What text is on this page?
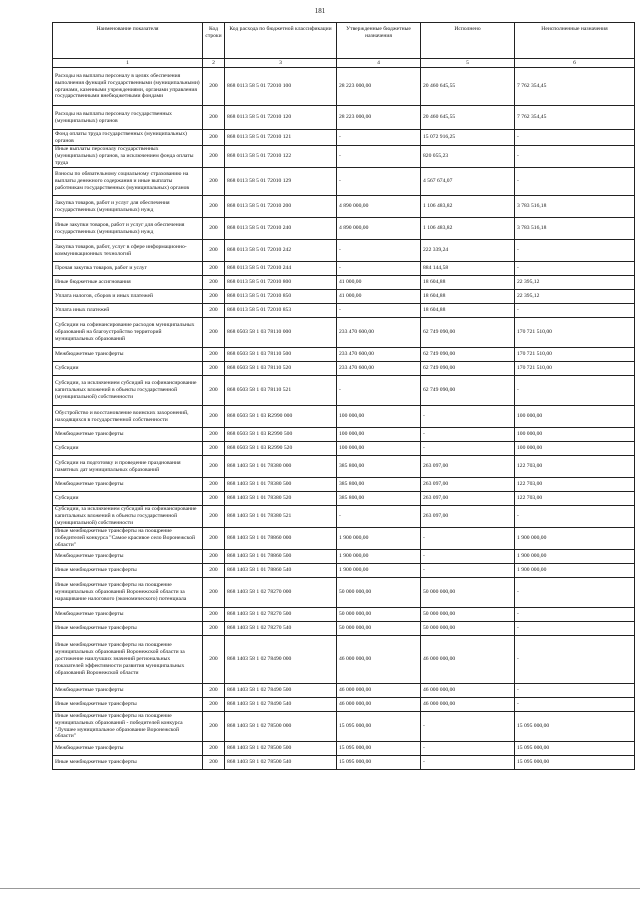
181
Наименование показателя	Код строки	Код расхода по бюджетной классификации	Утвержденные бюджетные назначения	Исполнено	Неисполненные назначения
1	2	3	4	5	6
Расходы на выплаты персоналу в целях обеспечения выполнения функций государственными (муниципальными) органами, казенными учреждениями, органами управления государственными внебюджетными фондами	200	868 0113 58 5 01 72010 100	28 223 000,00	20 460 645,55	7 762 354,45
Расходы на выплаты персоналу государственных (муниципальных) органов	200	868 0113 58 5 01 72010 120	28 223 000,00	20 460 645,55	7 762 354,45
Фонд оплаты труда государственных (муниципальных) органов	200	868 0113 58 5 01 72010 121	-	15 072 916,25	-
Иные выплаты персоналу государственных (муниципальных) органов, за исключением фонда оплаты труда	200	868 0113 58 5 01 72010 122	-	820 055,23	-
Взносы по обязательному социальному страхованию на выплаты денежного содержания и иные выплаты работникам государственных (муниципальных) органов	200	868 0113 58 5 01 72010 129	-	4 567 674,07	-
Закупка товаров, работ и услуг для обеспечения государственных (муниципальных) нужд	200	868 0113 58 5 01 72010 200	4 890 000,00	1 106 483,82	3 783 516,18
Иные закупки товаров, работ и услуг для обеспечения государственных (муниципальных) нужд	200	868 0113 58 5 01 72010 240	4 890 000,00	1 106 483,82	3 783 516,18
Закупка товаров, работ, услуг в сфере информационно-коммуникационных технологий	200	868 0113 58 5 01 72010 242	-	222 339,24	-
Прочая закупка товаров, работ и услуг	200	868 0113 58 5 01 72010 244	-	884 144,58	-
Иные бюджетные ассигнования	200	868 0113 58 5 01 72010 800	41 000,00	18 604,88	22 395,12
Уплата налогов, сборов и иных платежей	200	868 0113 58 5 01 72010 850	41 000,00	18 604,88	22 395,12
Уплата иных платежей	200	868 0113 58 5 01 72010 853	-	18 604,88	-
Субсидии на софинансирование расходов муниципальных образований на благоустройство территорий муниципальных образований	200	868 0503 58 1 03 78110 000	233 470 600,00	62 749 090,00	170 721 510,00
Межбюджетные трансферты	200	868 0503 58 1 03 78110 500	233 470 600,00	62 749 090,00	170 721 510,00
Субсидии	200	868 0503 58 1 03 78110 520	233 470 600,00	62 749 090,00	170 721 510,00
Субсидии, за исключением субсидий на софинансирование капитальных вложений в объекты государственной (муниципальной) собственности	200	868 0503 58 1 03 78110 521	-	62 749 090,00	-
Обустройство и восстановление воинских захоронений, находящихся в государственной собственности	200	868 0503 58 1 03 R2990 000	100 000,00	-	100 000,00
Межбюджетные трансферты	200	868 0503 58 1 03 R2990 500	100 000,00	-	100 000,00
Субсидии	200	868 0503 58 1 03 R2990 520	100 000,00	-	100 000,00
Субсидии на подготовку и проведение празднования памятных дат муниципальных образований	200	868 1403 58 1 01 78380 000	385 800,00	263 097,00	122 703,00
Межбюджетные трансферты	200	868 1403 58 1 01 78380 500	385 800,00	263 097,00	122 703,00
Субсидии	200	868 1403 58 1 01 78380 520	385 800,00	263 097,00	122 703,00
Субсидии, за исключением субсидий на софинансирование капитальных вложений в объекты государственной (муниципальной) собственности	200	868 1403 58 1 01 78380 521	-	263 097,00	-
Иные межбюджетные трансферты на поощрение победителей конкурса "Самое красивое село Воронежской области"	200	868 1403 58 1 01 78860 000	1 900 000,00	-	1 900 000,00
Межбюджетные трансферты	200	868 1403 58 1 01 78860 500	1 900 000,00	-	1 900 000,00
Иные межбюджетные трансферты	200	868 1403 58 1 01 78860 540	1 900 000,00	-	1 900 000,00
Иные межбюджетные трансферты на поощрение муниципальных образований Воронежской области за наращивание налогового (экономического) потенциала	200	868 1403 58 1 02 78270 000	50 000 000,00	50 000 000,00	-
Межбюджетные трансферты	200	868 1403 58 1 02 78270 500	50 000 000,00	50 000 000,00	-
Иные межбюджетные трансферты	200	868 1403 58 1 02 78270 540	50 000 000,00	50 000 000,00	-
Иные межбюджетные трансферты на поощрение муниципальных образований Воронежской области за достижение наилучших значений региональных показателей эффективности развития муниципальных образований Воронежской области	200	868 1403 58 1 02 78490 000	46 000 000,00	46 000 000,00	-
Межбюджетные трансферты	200	868 1403 58 1 02 78490 500	46 000 000,00	46 000 000,00	-
Иные межбюджетные трансферты	200	868 1403 58 1 02 78490 540	46 000 000,00	46 000 000,00	-
Иные межбюджетные трансферты на поощрение муниципальных образований - победителей конкурса "Лучшее муниципальное образование Воронежской области"	200	868 1403 58 1 02 78500 000	15 095 000,00	-	15 095 000,00
Межбюджетные трансферты	200	868 1403 58 1 02 78500 500	15 095 000,00	-	15 095 000,00
Иные межбюджетные трансферты	200	868 1403 58 1 02 78500 540	15 095 000,00	-	15 095 000,00
